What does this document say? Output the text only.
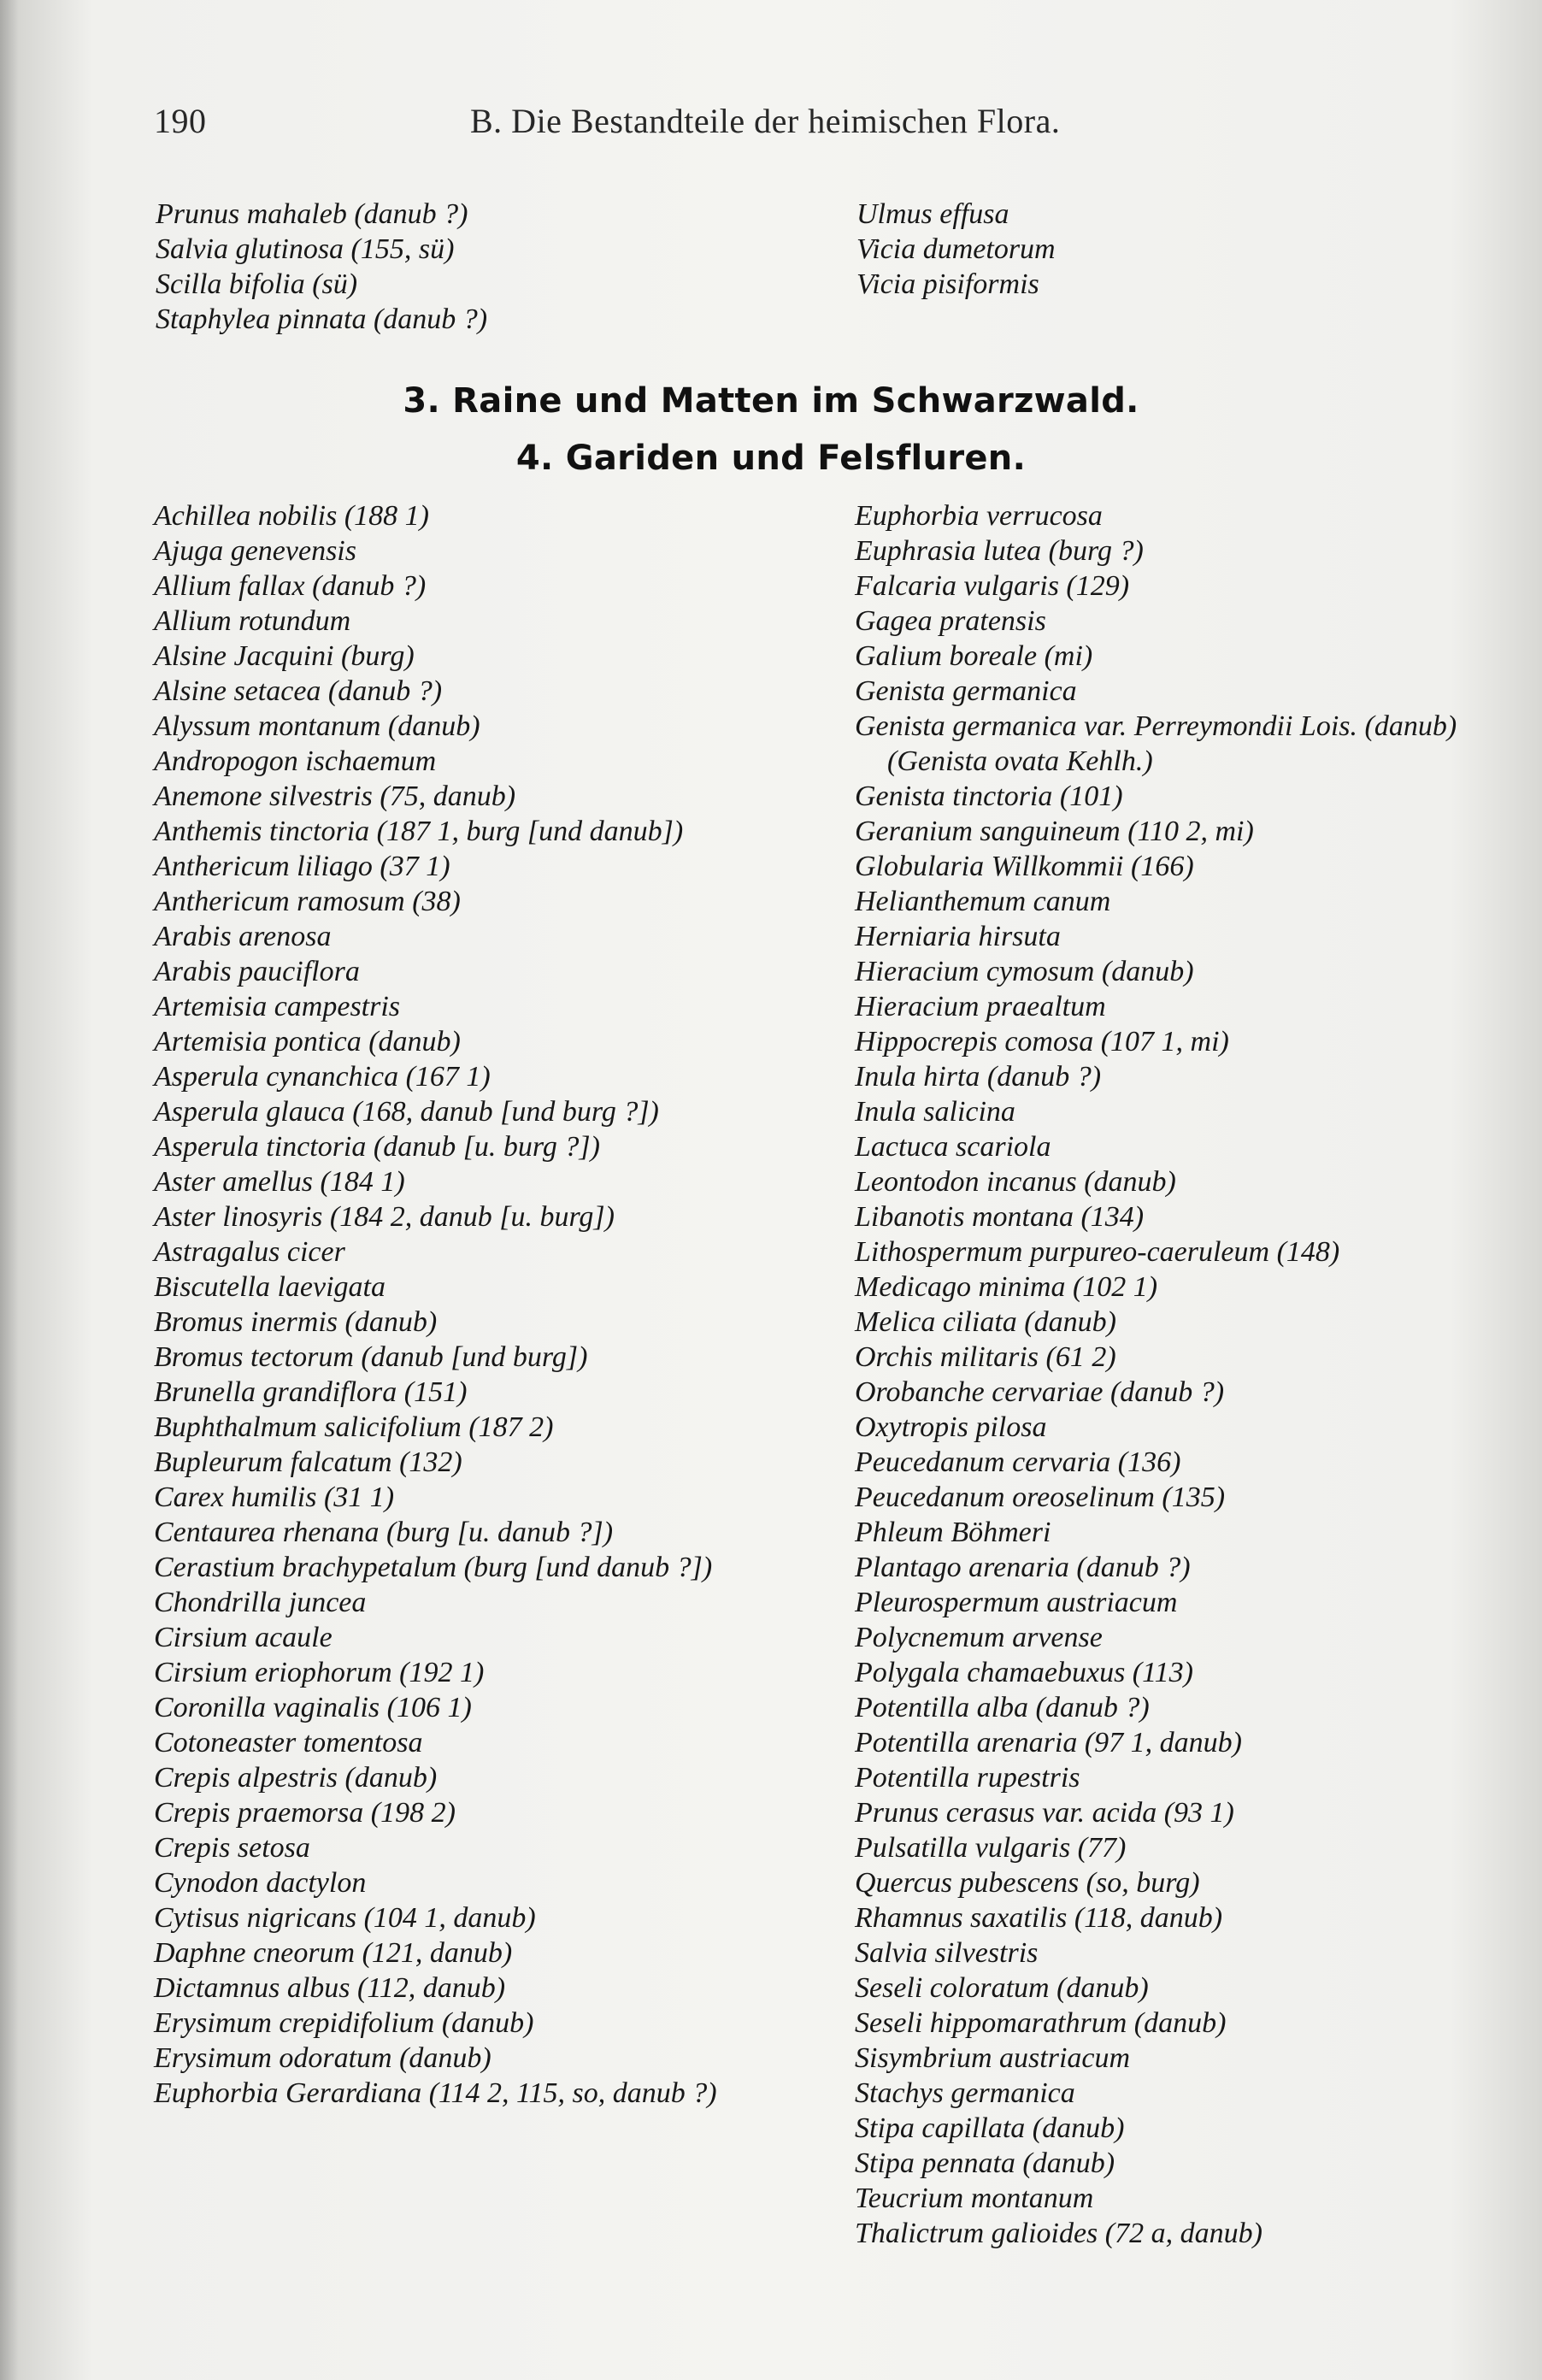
190	B. Die Bestandteile der heimischen Flora.

Prunus mahaleb (danub ?)

Salvia glutinosa (155, sü)

Scilla bifolia (sü)

Staphylea pinnata (danub ?)

Ulmus effusa

Vicia dumetorum

Vicia pisiformis

3. Raine und Matten im Schwarzwald.
4. Gariden und Felsfluren.

Achillea nobilis (188 1)

Ajuga genevensis

Allium fallax (danub ?)

Allium rotundum

Alsine Jacquini (burg)

Alsine setacea (danub ?)

Alyssum montanum (danub)

Andropogon ischaemum

Anemone silvestris (75, danub)

Anthemis tinctoria (187 1, burg [und danub])

Anthericum liliago (37 1)

Anthericum ramosum (38)

Arabis arenosa

Arabis pauciflora

Artemisia campestris

Artemisia pontica (danub)

Asperula cynanchica (167 1)

Asperula glauca (168, danub [und burg ?])

Asperula tinctoria (danub [u. burg ?])

Aster amellus (184 1)

Aster linosyris (184 2, danub [u. burg])

Astragalus cicer

Biscutella laevigata

Bromus inermis (danub)

Bromus tectorum (danub [und burg])

Brunella grandiflora (151)

Buphthalmum salicifolium (187 2)

Bupleurum falcatum (132)

Carex humilis (31 1)

Centaurea rhenana (burg [u. danub ?])

Cerastium brachypetalum (burg [und danub ?])

Chondrilla juncea

Cirsium acaule

Cirsium eriophorum (192 1)

Coronilla vaginalis (106 1)

Cotoneaster tomentosa

Crepis alpestris (danub)

Crepis praemorsa (198 2)

Crepis setosa

Cynodon dactylon

Cytisus nigricans (104 1, danub)

Daphne cneorum (121, danub)

Dictamnus albus (112, danub)

Erysimum crepidifolium (danub)

Erysimum odoratum (danub)

Euphorbia Gerardiana (114 2, 115, so, danub ?)

Euphorbia verrucosa

Euphrasia lutea (burg ?)

Falcaria vulgaris (129)

Gagea pratensis

Galium boreale (mi)

Genista germanica

Genista germanica var. Perreymondii Lois. (danub) (Genista ovata Kehlh.)

Genista tinctoria (101)

Geranium sanguineum (110 2, mi)

Globularia Willkommii (166)

Helianthemum canum

Herniaria hirsuta

Hieracium cymosum (danub)

Hieracium praealtum

Hippocrepis comosa (107 1, mi)

Inula hirta (danub ?)

Inula salicina

Lactuca scariola

Leontodon incanus (danub)

Libanotis montana (134)

Lithospermum purpureo-caeruleum (148)

Medicago minima (102 1)

Melica ciliata (danub)

Orchis militaris (61 2)

Orobanche cervariae (danub ?)

Oxytropis pilosa

Peucedanum cervaria (136)

Peucedanum oreoselinum (135)

Phleum Böhmeri

Plantago arenaria (danub ?)

Pleurospermum austriacum

Polycnemum arvense

Polygala chamaebuxus (113)

Potentilla alba (danub ?)

Potentilla arenaria (97 1, danub)

Potentilla rupestris

Prunus cerasus var. acida (93 1)

Pulsatilla vulgaris (77)

Quercus pubescens (so, burg)

Rhamnus saxatilis (118, danub)

Salvia silvestris

Seseli coloratum (danub)

Seseli hippomarathrum (danub)

Sisymbrium austriacum

Stachys germanica

Stipa capillata (danub)

Stipa pennata (danub)

Teucrium montanum

Thalictrum galioides (72 a, danub)
